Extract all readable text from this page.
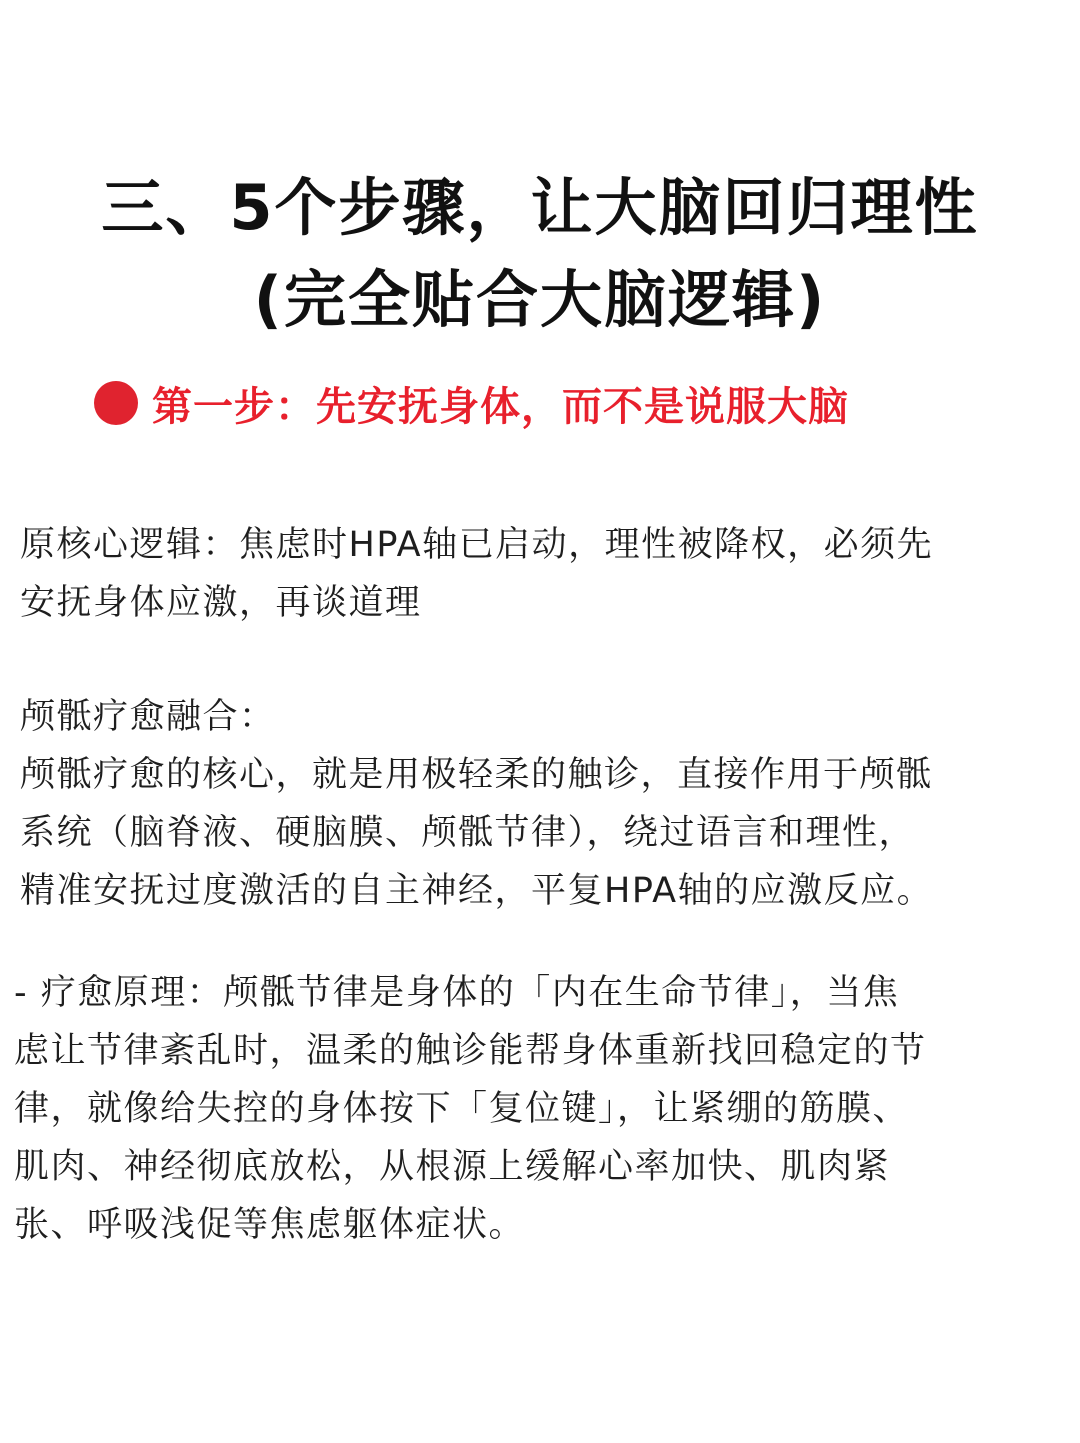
三、5个步骤，让大脑回归理性
(完全贴合大脑逻辑)
第一步：先安抚身体，而不是说服大脑
原核心逻辑：焦虑时HPA轴已启动，理性被降权，必须先
安抚身体应激，再谈道理
颅骶疗愈融合：
颅骶疗愈的核心，就是用极轻柔的触诊，直接作用于颅骶
系统（脑脊液、硬脑膜、颅骶节律），绕过语言和理性，
精准安抚过度激活的自主神经，平复HPA轴的应激反应。
- 疗愈原理：颅骶节律是身体的「内在生命节律」，当焦
虑让节律紊乱时，温柔的触诊能帮身体重新找回稳定的节
律，就像给失控的身体按下「复位键」，让紧绷的筋膜、
肌肉、神经彻底放松，从根源上缓解心率加快、肌肉紧
张、呼吸浅促等焦虑躯体症状。
